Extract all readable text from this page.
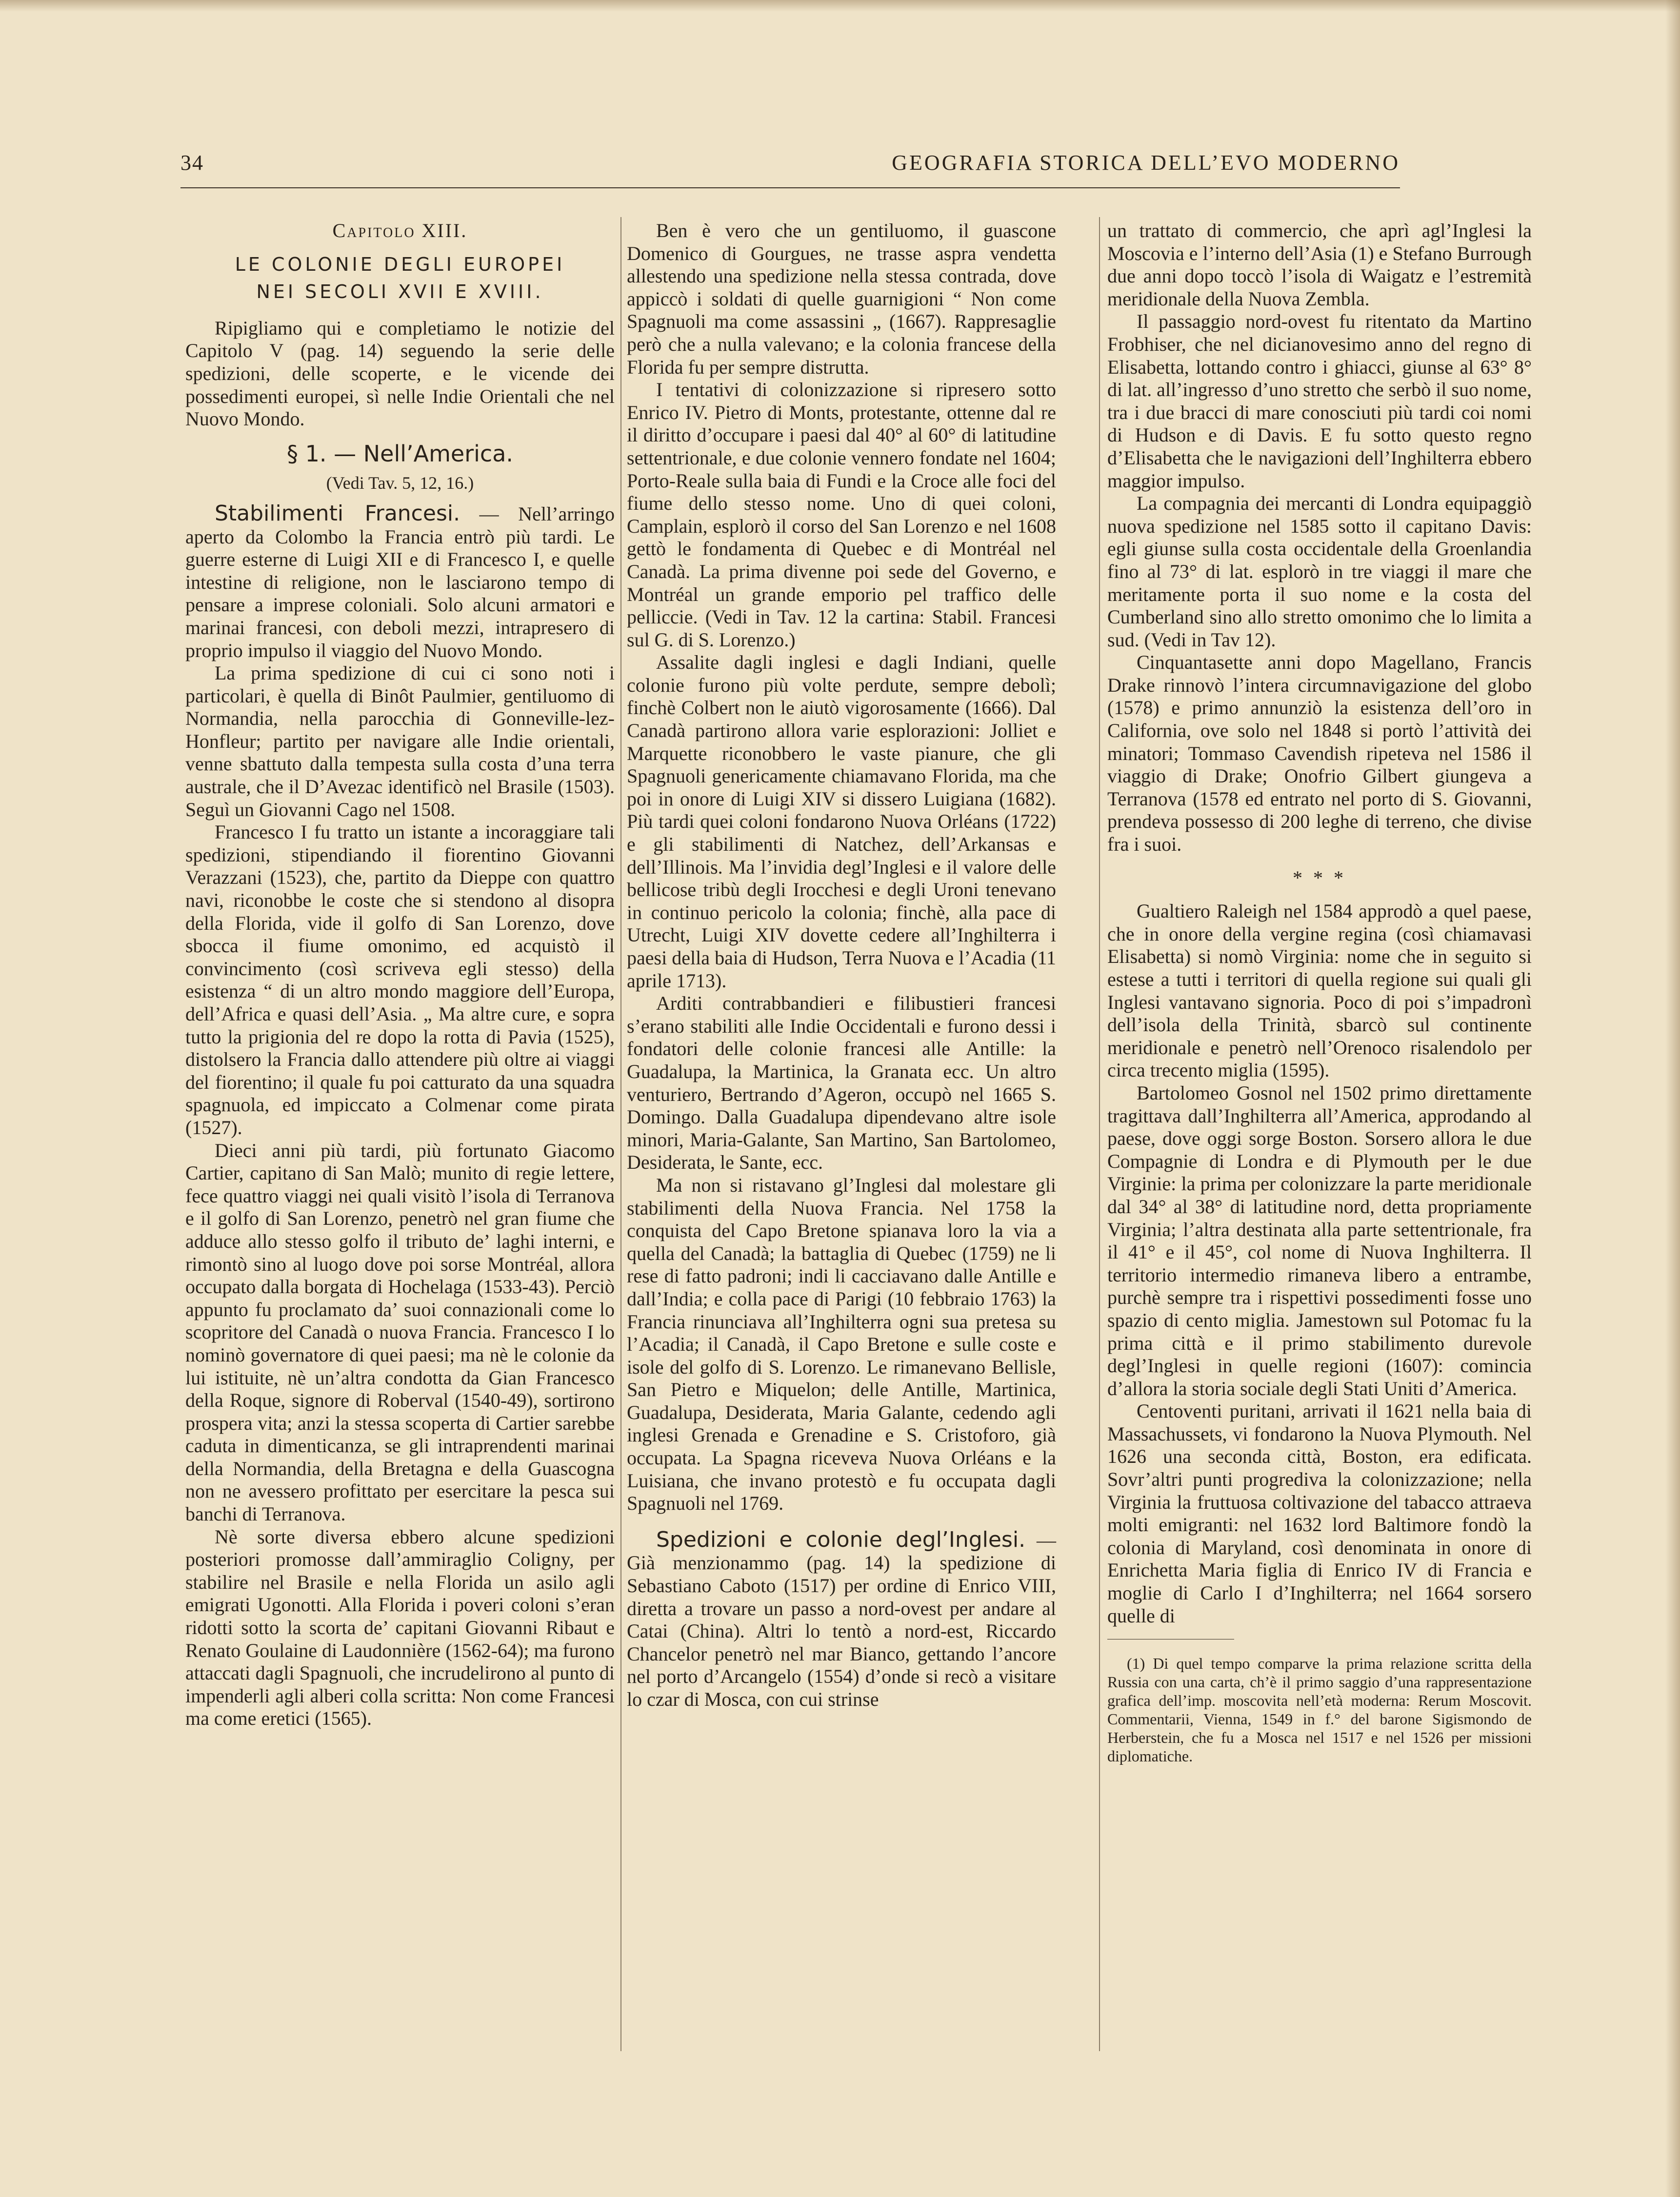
34	GEOGRAFIA STORICA DELL’EVO MODERNO

Capitolo XIII.

LE COLONIE DEGLI EUROPEI

NEI SECOLI XVII E XVIII.

Ripigliamo qui e completiamo le notizie del Capitolo V (pag. 14) seguendo la serie delle spedizioni, delle scoperte, e le vicende dei possedimenti europei, sì nelle Indie Orientali che nel Nuovo Mondo.

§ 1. — Nell’America.

(Vedi Tav. 5, 12, 16.)

Stabilimenti Francesi. — Nell’arringo aperto da Colombo la Francia entrò più tardi. Le guerre esterne di Luigi XII e di Francesco I, e quelle intestine di religione, non le lasciarono tempo di pensare a imprese coloniali. Solo alcuni armatori e marinai francesi, con deboli mezzi, intrapresero di proprio impulso il viaggio del Nuovo Mondo.

La prima spedizione di cui ci sono noti i particolari, è quella di Binôt Paulmier, gentiluomo di Normandia, nella parocchia di Gonneville-lez-Honfleur; partito per navigare alle Indie orientali, venne sbattuto dalla tempesta sulla costa d’una terra australe, che il D’Avezac identificò nel Brasile (1503). Seguì un Giovanni Cago nel 1508.

Francesco I fu tratto un istante a incoraggiare tali spedizioni, stipendiando il fiorentino Giovanni Verazzani (1523), che, partito da Dieppe con quattro navi, riconobbe le coste che si stendono al disopra della Florida, vide il golfo di San Lorenzo, dove sbocca il fiume omonimo, ed acquistò il convincimento (così scriveva egli stesso) della esistenza “ di un altro mondo maggiore dell’Europa, dell’Africa e quasi dell’Asia. „ Ma altre cure, e sopra tutto la prigionia del re dopo la rotta di Pavia (1525), distolsero la Francia dallo attendere più oltre ai viaggi del fiorentino; il quale fu poi catturato da una squadra spagnuola, ed impiccato a Colmenar come pirata (1527).

Dieci anni più tardi, più fortunato Giacomo Cartier, capitano di San Malò; munito di regie lettere, fece quattro viaggi nei quali visitò l’isola di Terranova e il golfo di San Lorenzo, penetrò nel gran fiume che adduce allo stesso golfo il tributo de’ laghi interni, e rimontò sino al luogo dove poi sorse Montréal, allora occupato dalla borgata di Hochelaga (1533-43). Perciò appunto fu proclamato da’ suoi connazionali come lo scopritore del Canadà o nuova Francia. Francesco I lo nominò governatore di quei paesi; ma nè le colonie da lui istituite, nè un’altra condotta da Gian Francesco della Roque, signore di Roberval (1540-49), sortirono prospera vita; anzi la stessa scoperta di Cartier sarebbe caduta in dimenticanza, se gli intraprendenti marinai della Normandia, della Bretagna e della Guascogna non ne avessero profittato per esercitare la pesca sui banchi di Terranova.

Nè sorte diversa ebbero alcune spedizioni posteriori promosse dall’ammiraglio Coligny, per stabilire nel Brasile e nella Florida un asilo agli emigrati Ugonotti. Alla Florida i poveri coloni s’eran ridotti sotto la scorta de’ capitani Giovanni Ribaut e Renato Goulaine di Laudonnière (1562-64); ma furono attaccati dagli Spagnuoli, che incrudelirono al punto di impenderli agli alberi colla scritta: Non come Francesi ma come eretici (1565).

Ben è vero che un gentiluomo, il guascone Domenico di Gourgues, ne trasse aspra vendetta allestendo una spedizione nella stessa contrada, dove appiccò i soldati di quelle guarnigioni “ Non come Spagnuoli ma come assassini „ (1667). Rappresaglie però che a nulla valevano; e la colonia francese della Florida fu per sempre distrutta.

I tentativi di colonizzazione si ripresero sotto Enrico IV. Pietro di Monts, protestante, ottenne dal re il diritto d’occupare i paesi dal 40° al 60° di latitudine settentrionale, e due colonie vennero fondate nel 1604; Porto-Reale sulla baia di Fundi e la Croce alle foci del fiume dello stesso nome. Uno di quei coloni, Camplain, esplorò il corso del San Lorenzo e nel 1608 gettò le fondamenta di Quebec e di Montréal nel Canadà. La prima divenne poi sede del Governo, e Montréal un grande emporio pel traffico delle pelliccie. (Vedi in Tav. 12 la cartina: Stabil. Francesi sul G. di S. Lorenzo.)

Assalite dagli inglesi e dagli Indiani, quelle colonie furono più volte perdute, sempre debolì; finchè Colbert non le aiutò vigorosamente (1666). Dal Canadà partirono allora varie esplorazioni: Jolliet e Marquette riconobbero le vaste pianure, che gli Spagnuoli genericamente chiamavano Florida, ma che poi in onore di Luigi XIV si dissero Luigiana (1682). Più tardi quei coloni fondarono Nuova Orléans (1722) e gli stabilimenti di Natchez, dell’Arkansas e dell’Illinois. Ma l’invidia degl’Inglesi e il valore delle bellicose tribù degli Irocchesi e degli Uroni tenevano in continuo pericolo la colonia; finchè, alla pace di Utrecht, Luigi XIV dovette cedere all’Inghilterra i paesi della baia di Hudson, Terra Nuova e l’Acadia (11 aprile 1713).

Arditi contrabbandieri e filibustieri francesi s’erano stabiliti alle Indie Occidentali e furono dessi i fondatori delle colonie francesi alle Antille: la Guadalupa, la Martinica, la Granata ecc. Un altro venturiero, Bertrando d’Ageron, occupò nel 1665 S. Domingo. Dalla Guadalupa dipendevano altre isole minori, Maria-Galante, San Martino, San Bartolomeo, Desiderata, le Sante, ecc.

Ma non si ristavano gl’Inglesi dal molestare gli stabilimenti della Nuova Francia. Nel 1758 la conquista del Capo Bretone spianava loro la via a quella del Canadà; la battaglia di Quebec (1759) ne li rese di fatto padroni; indi li cacciavano dalle Antille e dall’India; e colla pace di Parigi (10 febbraio 1763) la Francia rinunciava all’Inghilterra ogni sua pretesa su l’Acadia; il Canadà, il Capo Bretone e sulle coste e isole del golfo di S. Lorenzo. Le rimanevano Bellisle, San Pietro e Miquelon; delle Antille, Martinica, Guadalupa, Desiderata, Maria Galante, cedendo agli inglesi Grenada e Grenadine e S. Cristoforo, già occupata. La Spagna riceveva Nuova Orléans e la Luisiana, che invano protestò e fu occupata dagli Spagnuoli nel 1769.

Spedizioni e colonie degl’Inglesi. — Già menzionammo (pag. 14) la spedizione di Sebastiano Caboto (1517) per ordine di Enrico VIII, diretta a trovare un passo a nord-ovest per andare al Catai (China). Altri lo tentò a nord-est, Riccardo Chancelor penetrò nel mar Bianco, gettando l’ancore nel porto d’Arcangelo (1554) d’onde si recò a visitare lo czar di Mosca, con cui strinse

un trattato di commercio, che aprì agl’Inglesi la Moscovia e l’interno dell’Asia (1) e Stefano Burrough due anni dopo toccò l’isola di Waigatz e l’estremità meridionale della Nuova Zembla.

Il passaggio nord-ovest fu ritentato da Martino Frobhiser, che nel dicianovesimo anno del regno di Elisabetta, lottando contro i ghiacci, giunse al 63° 8° di lat. all’ingresso d’uno stretto che serbò il suo nome, tra i due bracci di mare conosciuti più tardi coi nomi di Hudson e di Davis. E fu sotto questo regno d’Elisabetta che le navigazioni dell’Inghilterra ebbero maggior impulso.

La compagnia dei mercanti di Londra equipaggiò nuova spedizione nel 1585 sotto il capitano Davis: egli giunse sulla costa occidentale della Groenlandia fino al 73° di lat. esplorò in tre viaggi il mare che meritamente porta il suo nome e la costa del Cumberland sino allo stretto omonimo che lo limita a sud. (Vedi in Tav 12).

Cinquantasette anni dopo Magellano, Francis Drake rinnovò l’intera circumnavigazione del globo (1578) e primo annunziò la esistenza dell’oro in California, ove solo nel 1848 si portò l’attività dei minatori; Tommaso Cavendish ripeteva nel 1586 il viaggio di Drake; Onofrio Gilbert giungeva a Terranova (1578 ed entrato nel porto di S. Giovanni, prendeva possesso di 200 leghe di terreno, che divise fra i suoi.

* * *

Gualtiero Raleigh nel 1584 approdò a quel paese, che in onore della vergine regina (così chiamavasi Elisabetta) si nomò Virginia: nome che in seguito si estese a tutti i territori di quella regione sui quali gli Inglesi vantavano signoria. Poco di poi s’impadronì dell’isola della Trinità, sbarcò sul continente meridionale e penetrò nell’Orenoco risalendolo per circa trecento miglia (1595).

Bartolomeo Gosnol nel 1502 primo direttamente tragittava dall’Inghilterra all’America, approdando al paese, dove oggi sorge Boston. Sorsero allora le due Compagnie di Londra e di Plymouth per le due Virginie: la prima per colonizzare la parte meridionale dal 34° al 38° di latitudine nord, detta propriamente Virginia; l’altra destinata alla parte settentrionale, fra il 41° e il 45°, col nome di Nuova Inghilterra. Il territorio intermedio rimaneva libero a entrambe, purchè sempre tra i rispettivi possedimenti fosse uno spazio di cento miglia. Jamestown sul Potomac fu la prima città e il primo stabilimento durevole degl’Inglesi in quelle regioni (1607): comincia d’allora la storia sociale degli Stati Uniti d’America.

Centoventi puritani, arrivati il 1621 nella baia di Massachussets, vi fondarono la Nuova Plymouth. Nel 1626 una seconda città, Boston, era edificata. Sovr’altri punti progrediva la colonizzazione; nella Virginia la fruttuosa coltivazione del tabacco attraeva molti emigranti: nel 1632 lord Baltimore fondò la colonia di Maryland, così denominata in onore di Enrichetta Maria figlia di Enrico IV di Francia e moglie di Carlo I d’Inghilterra; nel 1664 sorsero quelle di

(1) Di quel tempo comparve la prima relazione scritta della Russia con una carta, ch’è il primo saggio d’una rappresentazione grafica dell’imp. moscovita nell’età moderna: Rerum Moscovit. Commentarii, Vienna, 1549 in f.° del barone Sigismondo de Herberstein, che fu a Mosca nel 1517 e nel 1526 per missioni diplomatiche.
